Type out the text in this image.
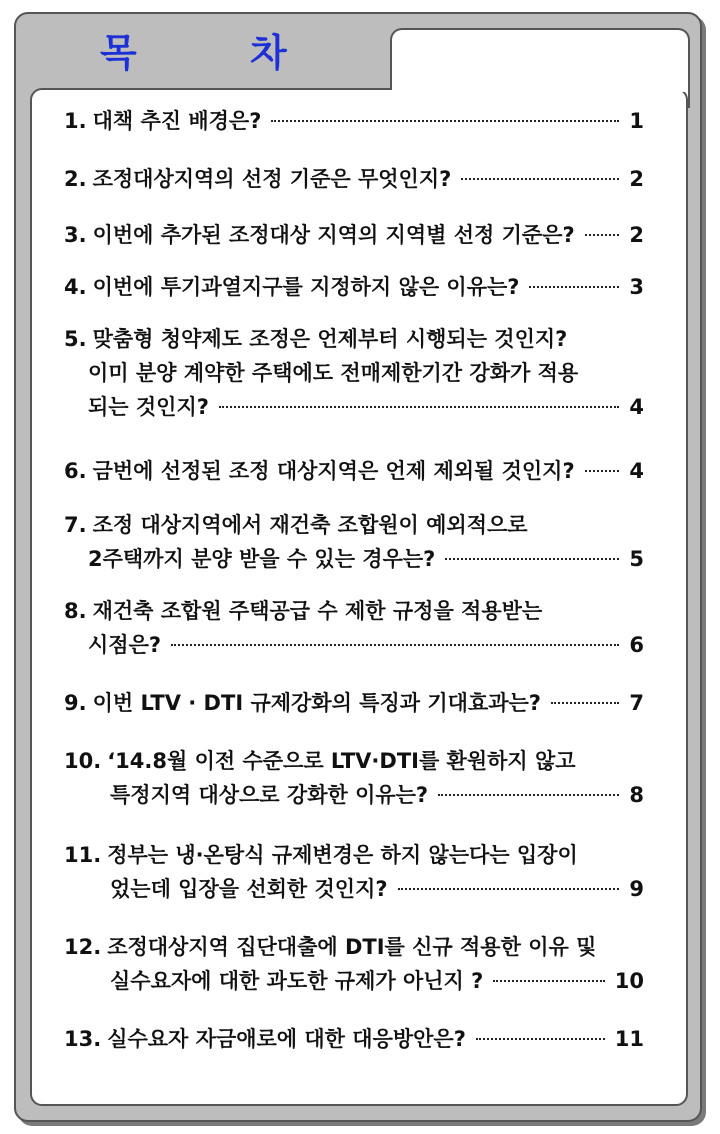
목 차
1. 대책 추진 배경은?	1
2. 조정대상지역의 선정 기준은 무엇인지?	2
3. 이번에 추가된 조정대상 지역의 지역별 선정 기준은?	2
4. 이번에 투기과열지구를 지정하지 않은 이유는?	3
5. 맞춤형 청약제도 조정은 언제부터 시행되는 것인지?
이미 분양 계약한 주택에도 전매제한기간 강화가 적용
되는 것인지?	4
6. 금번에 선정된 조정 대상지역은 언제 제외될 것인지?	4
7. 조정 대상지역에서 재건축 조합원이 예외적으로
2주택까지 분양 받을 수 있는 경우는?	5
8. 재건축 조합원 주택공급 수 제한 규정을 적용받는
시점은?	6
9. 이번 LTV · DTI 규제강화의 특징과 기대효과는?	7
10. ‘14.8월 이전 수준으로 LTV·DTI를 환원하지 않고
특정지역 대상으로 강화한 이유는?	8
11. 정부는 냉·온탕식 규제변경은 하지 않는다는 입장이
었는데 입장을 선회한 것인지?	9
12. 조정대상지역 집단대출에 DTI를 신규 적용한 이유 및
실수요자에 대한 과도한 규제가 아닌지 ?	10
13. 실수요자 자금애로에 대한 대응방안은?	11
